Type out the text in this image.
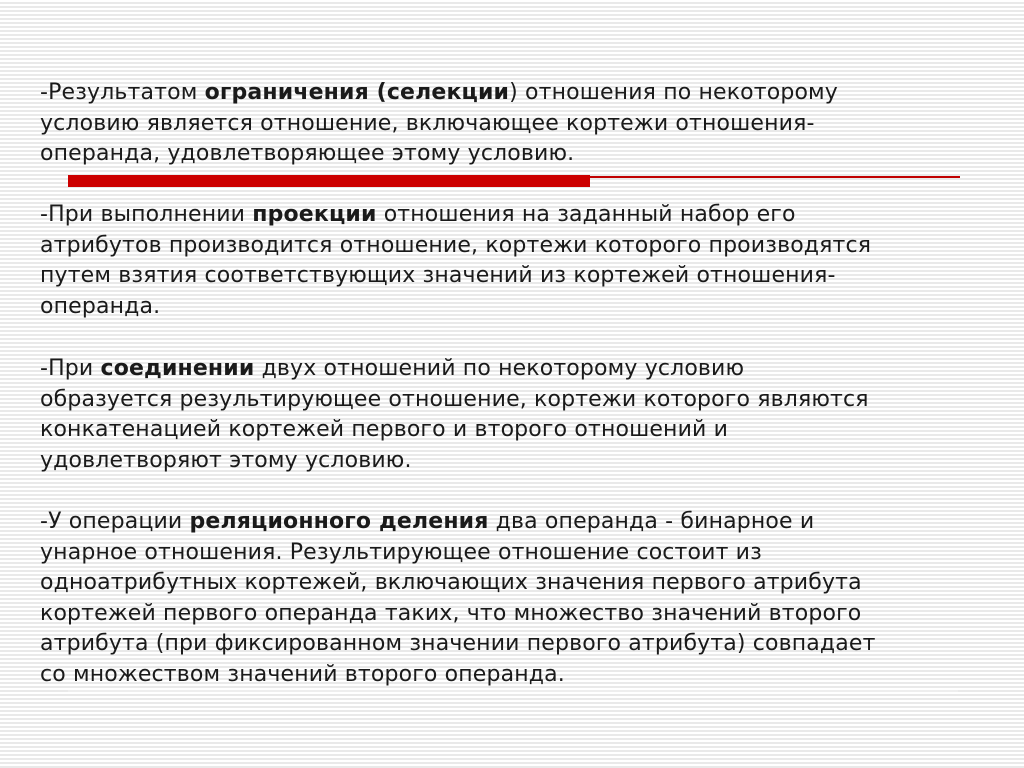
-Результатом ограничения (селекции) отношения по некоторому
условию является отношение, включающее кортежи отношения-
операнда, удовлетворяющее этому условию.

-При выполнении проекции отношения на заданный набор его
атрибутов производится отношение, кортежи которого производятся
путем взятия соответствующих значений из кортежей отношения-
операнда.

-При соединении двух отношений по некоторому условию
образуется результирующее отношение, кортежи которого являются
конкатенацией кортежей первого и второго отношений и
удовлетворяют этому условию.

-У операции реляционного деления два операнда - бинарное и
унарное отношения. Результирующее отношение состоит из
одноатрибутных кортежей, включающих значения первого атрибута
кортежей первого операнда таких, что множество значений второго
атрибута (при фиксированном значении первого атрибута) совпадает
со множеством значений второго операнда.
